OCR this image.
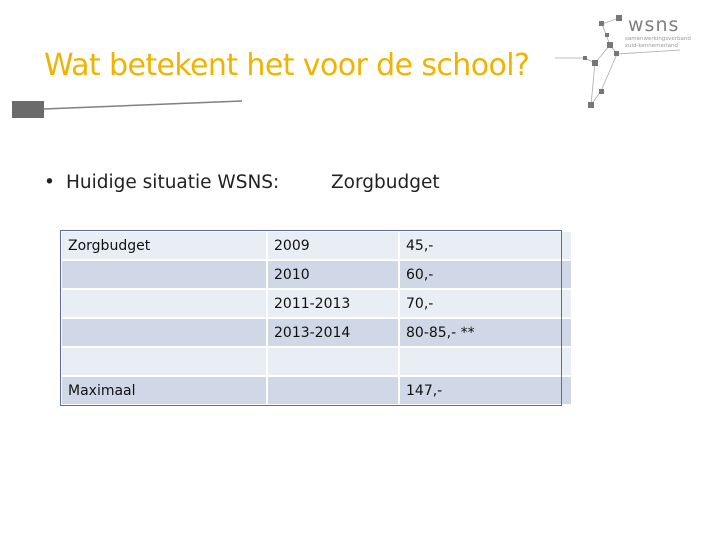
Wat betekent het voor de school?
wsns
samenwerkingsverband
zuid-kennemerland
• Huidige situatie WSNS:	Zorgbudget
Zorgbudget	2009	45,-
	2010	60,-
	2011-2013	70,-
	2013-2014	80-85,- **

Maximaal		147,-
